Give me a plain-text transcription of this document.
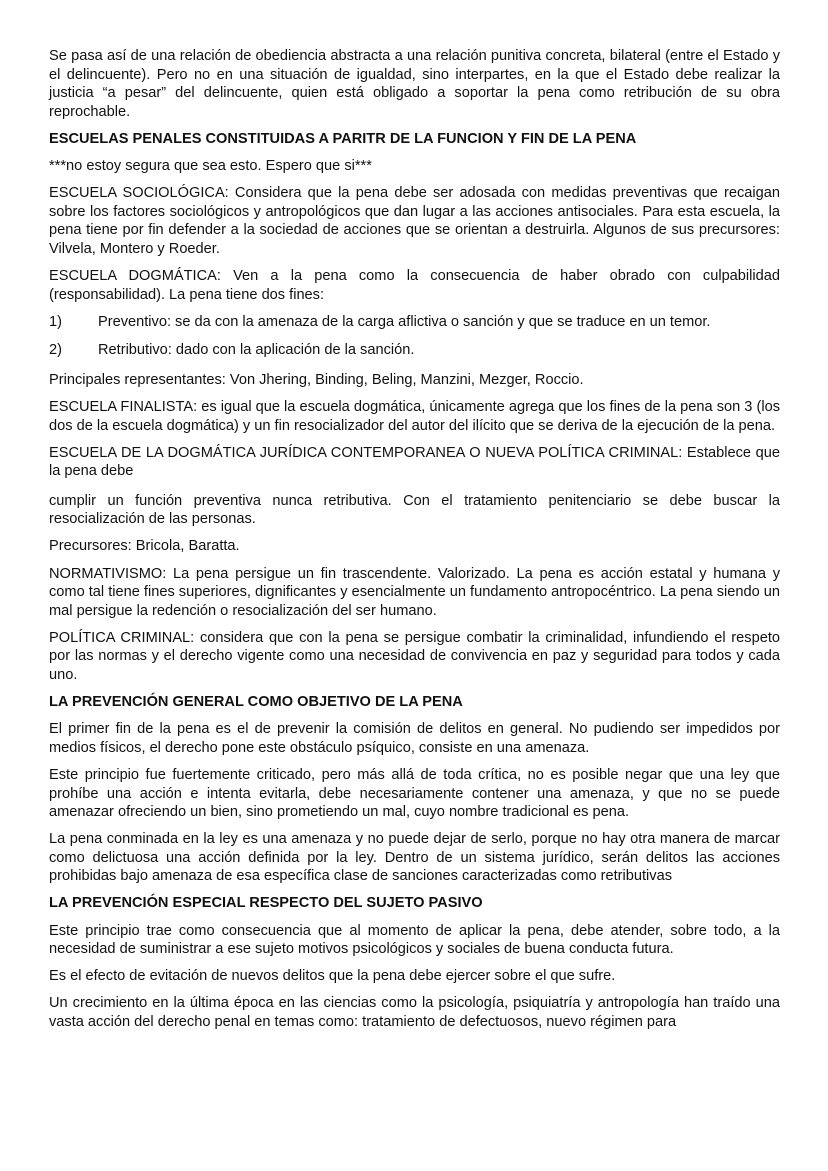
Se pasa así de una relación de obediencia abstracta a una relación punitiva concreta, bilateral (entre el Estado y el delincuente). Pero no en una situación de igualdad, sino interpartes, en la que el Estado debe realizar la justicia “a pesar” del delincuente, quien está obligado a soportar la pena como retribución de su obra reprochable.

ESCUELAS PENALES CONSTITUIDAS A PARITR DE LA FUNCION Y FIN DE LA PENA

***no estoy segura que sea esto. Espero que si***

ESCUELA SOCIOLÓGICA: Considera que la pena debe ser adosada con medidas preventivas que recaigan sobre los factores sociológicos y antropológicos que dan lugar a las acciones antisociales. Para esta escuela, la pena tiene por fin defender a la sociedad de acciones que se orientan a destruirla. Algunos de sus precursores: Vilvela, Montero y Roeder.

ESCUELA DOGMÁTICA: Ven a la pena como la consecuencia de haber obrado con culpabilidad (responsabilidad). La pena tiene dos fines:

1)	Preventivo: se da con la amenaza de la carga aflictiva o sanción y que se traduce en un temor.
2)	Retributivo: dado con la aplicación de la sanción.

Principales representantes: Von Jhering, Binding, Beling, Manzini, Mezger, Roccio.

ESCUELA FINALISTA: es igual que la escuela dogmática, únicamente agrega que los fines de la pena son 3 (los dos de la escuela dogmática) y un fin resocializador del autor del ilícito que se deriva de la ejecución de la pena.

ESCUELA DE LA DOGMÁTICA JURÍDICA CONTEMPORANEA O NUEVA POLÍTICA CRIMINAL: Establece que la pena debe

cumplir un función preventiva nunca retributiva. Con el tratamiento penitenciario se debe buscar la resocialización de las personas.

Precursores: Bricola, Baratta.

NORMATIVISMO: La pena persigue un fin trascendente. Valorizado. La pena es acción estatal y humana y como tal tiene fines superiores, dignificantes y esencialmente un fundamento antropocéntrico. La pena siendo un mal persigue la redención o resocialización del ser humano.

POLÍTICA CRIMINAL: considera que con la pena se persigue combatir la criminalidad, infundiendo el respeto por las normas y el derecho vigente como una necesidad de convivencia en paz y seguridad para todos y cada uno.

LA PREVENCIÓN GENERAL COMO OBJETIVO DE LA PENA

El primer fin de la pena es el de prevenir la comisión de delitos en general. No pudiendo ser impedidos por medios físicos, el derecho pone este obstáculo psíquico, consiste en una amenaza.

Este principio fue fuertemente criticado, pero más allá de toda crítica, no es posible negar que una ley que prohíbe una acción e intenta evitarla, debe necesariamente contener una amenaza, y que no se puede amenazar ofreciendo un bien, sino prometiendo un mal, cuyo nombre tradicional es pena.

La pena conminada en la ley es una amenaza y no puede dejar de serlo, porque no hay otra manera de marcar como delictuosa una acción definida por la ley. Dentro de un sistema jurídico, serán delitos las acciones prohibidas bajo amenaza de esa específica clase de sanciones caracterizadas como retributivas

LA PREVENCIÓN ESPECIAL RESPECTO DEL SUJETO PASIVO

Este principio trae como consecuencia que al momento de aplicar la pena, debe atender, sobre todo, a la necesidad de suministrar a ese sujeto motivos psicológicos y sociales de buena conducta futura.

Es el efecto de evitación de nuevos delitos que la pena debe ejercer sobre el que sufre.

Un crecimiento en la última época en las ciencias como la psicología, psiquiatría y antropología han traído una vasta acción del derecho penal en temas como: tratamiento de defectuosos, nuevo régimen para
